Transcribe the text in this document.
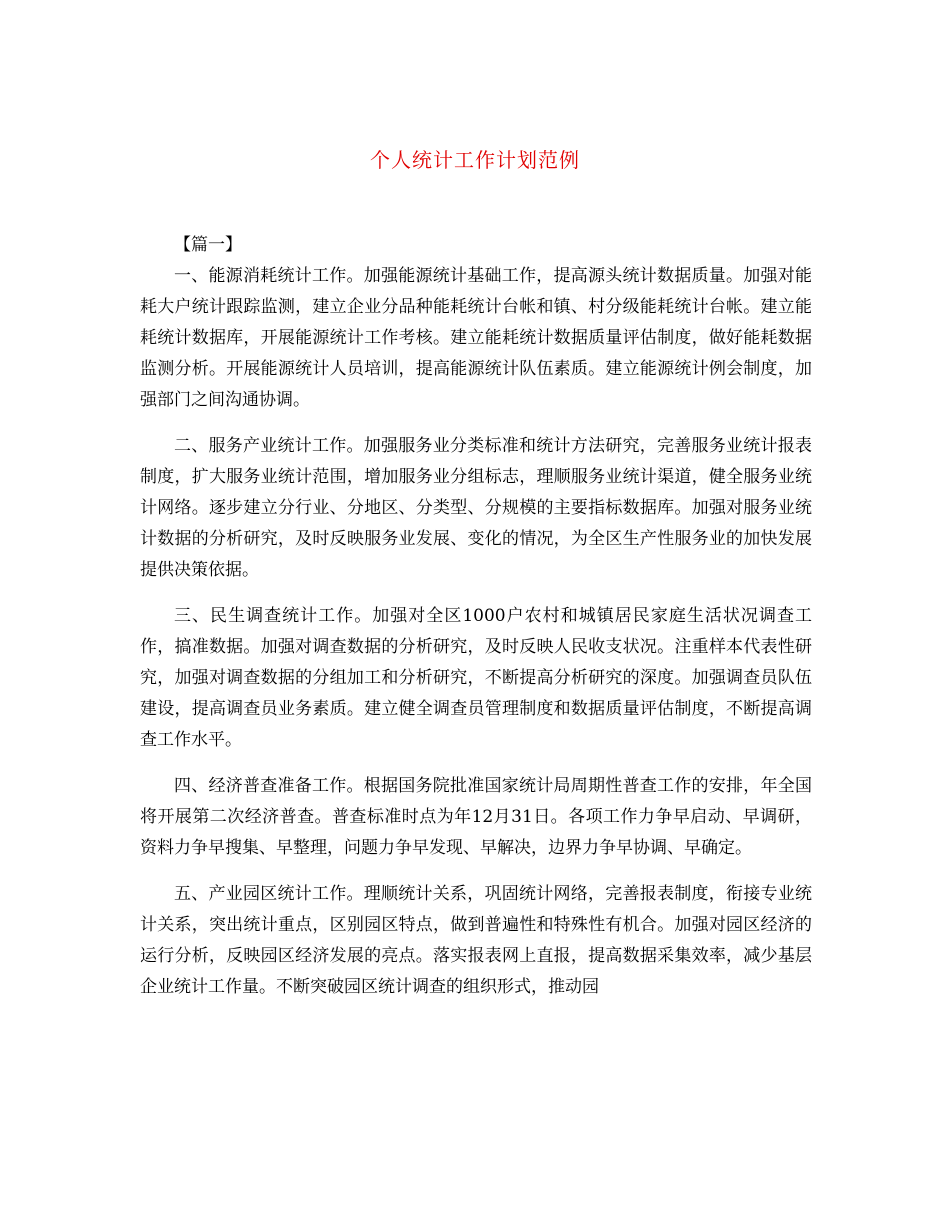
个人统计工作计划范例

【篇一】

一、能源消耗统计工作。加强能源统计基础工作，提高源头统计数据质量。加强对能耗大户统计跟踪监测，建立企业分品种能耗统计台帐和镇、村分级能耗统计台帐。建立能耗统计数据库，开展能源统计工作考核。建立能耗统计数据质量评估制度，做好能耗数据监测分析。开展能源统计人员培训，提高能源统计队伍素质。建立能源统计例会制度，加强部门之间沟通协调。

二、服务产业统计工作。加强服务业分类标准和统计方法研究，完善服务业统计报表制度，扩大服务业统计范围，增加服务业分组标志，理顺服务业统计渠道，健全服务业统计网络。逐步建立分行业、分地区、分类型、分规模的主要指标数据库。加强对服务业统计数据的分析研究，及时反映服务业发展、变化的情况，为全区生产性服务业的加快发展提供决策依据。

三、民生调查统计工作。加强对全区1000户农村和城镇居民家庭生活状况调查工作，搞准数据。加强对调查数据的分析研究，及时反映人民收支状况。注重样本代表性研究，加强对调查数据的分组加工和分析研究，不断提高分析研究的深度。加强调查员队伍建设，提高调查员业务素质。建立健全调查员管理制度和数据质量评估制度，不断提高调查工作水平。

四、经济普查准备工作。根据国务院批准国家统计局周期性普查工作的安排，年全国将开展第二次经济普查。普查标准时点为年12月31日。各项工作力争早启动、早调研，资料力争早搜集、早整理，问题力争早发现、早解决，边界力争早协调、早确定。

五、产业园区统计工作。理顺统计关系，巩固统计网络，完善报表制度，衔接专业统计关系，突出统计重点，区别园区特点，做到普遍性和特殊性有机合。加强对园区经济的运行分析，反映园区经济发展的亮点。落实报表网上直报，提高数据采集效率，减少基层企业统计工作量。不断突破园区统计调查的组织形式，推动园
